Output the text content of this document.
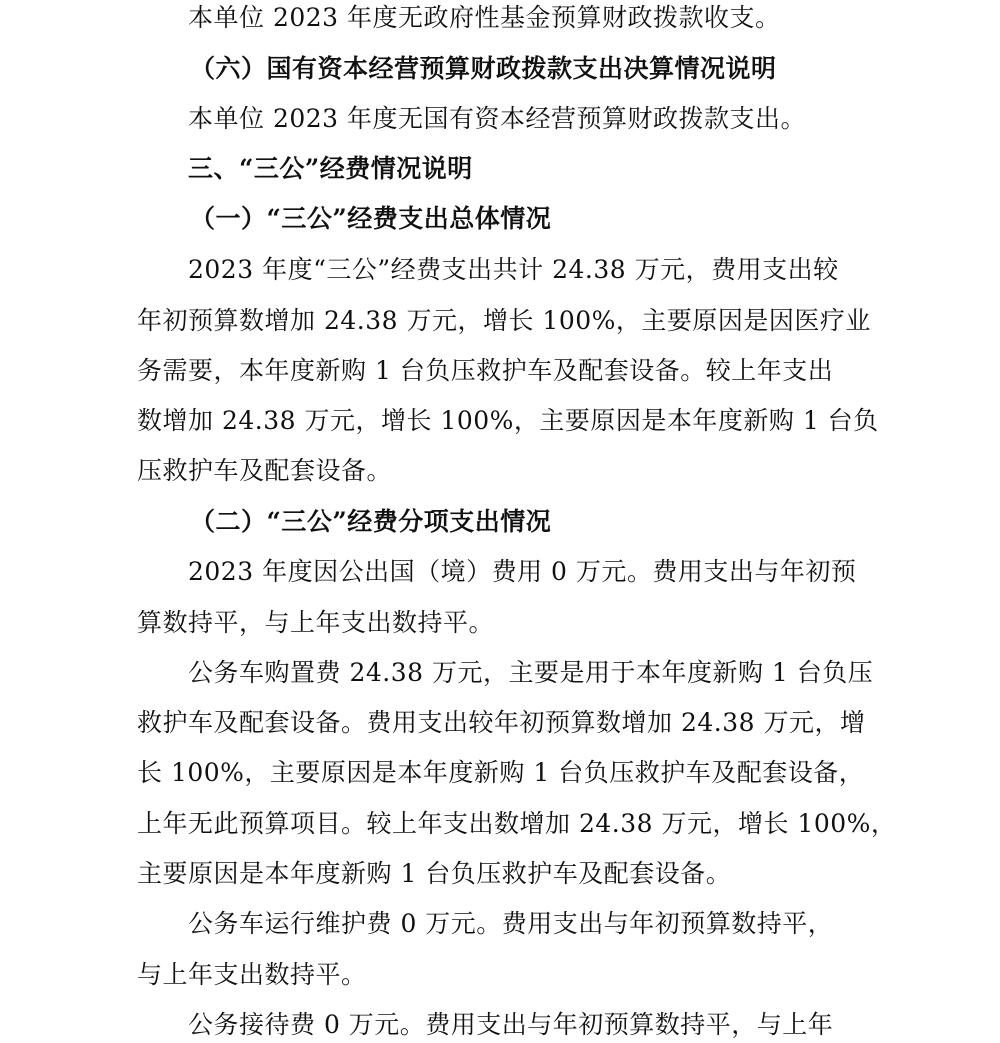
本单位 2023 年度无政府性基金预算财政拨款收支。
（六）国有资本经营预算财政拨款支出决算情况说明
本单位 2023 年度无国有资本经营预算财政拨款支出。
三、“三公”经费情况说明
（一）“三公”经费支出总体情况
2023 年度“三公”经费支出共计 24.38 万元，费用支出较
年初预算数增加 24.38 万元，增长 100%，主要原因是因医疗业
务需要，本年度新购 1 台负压救护车及配套设备。较上年支出
数增加 24.38 万元，增长 100%，主要原因是本年度新购 1 台负
压救护车及配套设备。
（二）“三公”经费分项支出情况
2023 年度因公出国（境）费用 0 万元。费用支出与年初预
算数持平，与上年支出数持平。
公务车购置费 24.38 万元，主要是用于本年度新购 1 台负压
救护车及配套设备。费用支出较年初预算数增加 24.38 万元，增
长 100%，主要原因是本年度新购 1 台负压救护车及配套设备，
上年无此预算项目。较上年支出数增加 24.38 万元，增长 100%，
主要原因是本年度新购 1 台负压救护车及配套设备。
公务车运行维护费 0 万元。费用支出与年初预算数持平，
与上年支出数持平。
公务接待费 0 万元。费用支出与年初预算数持平，与上年
